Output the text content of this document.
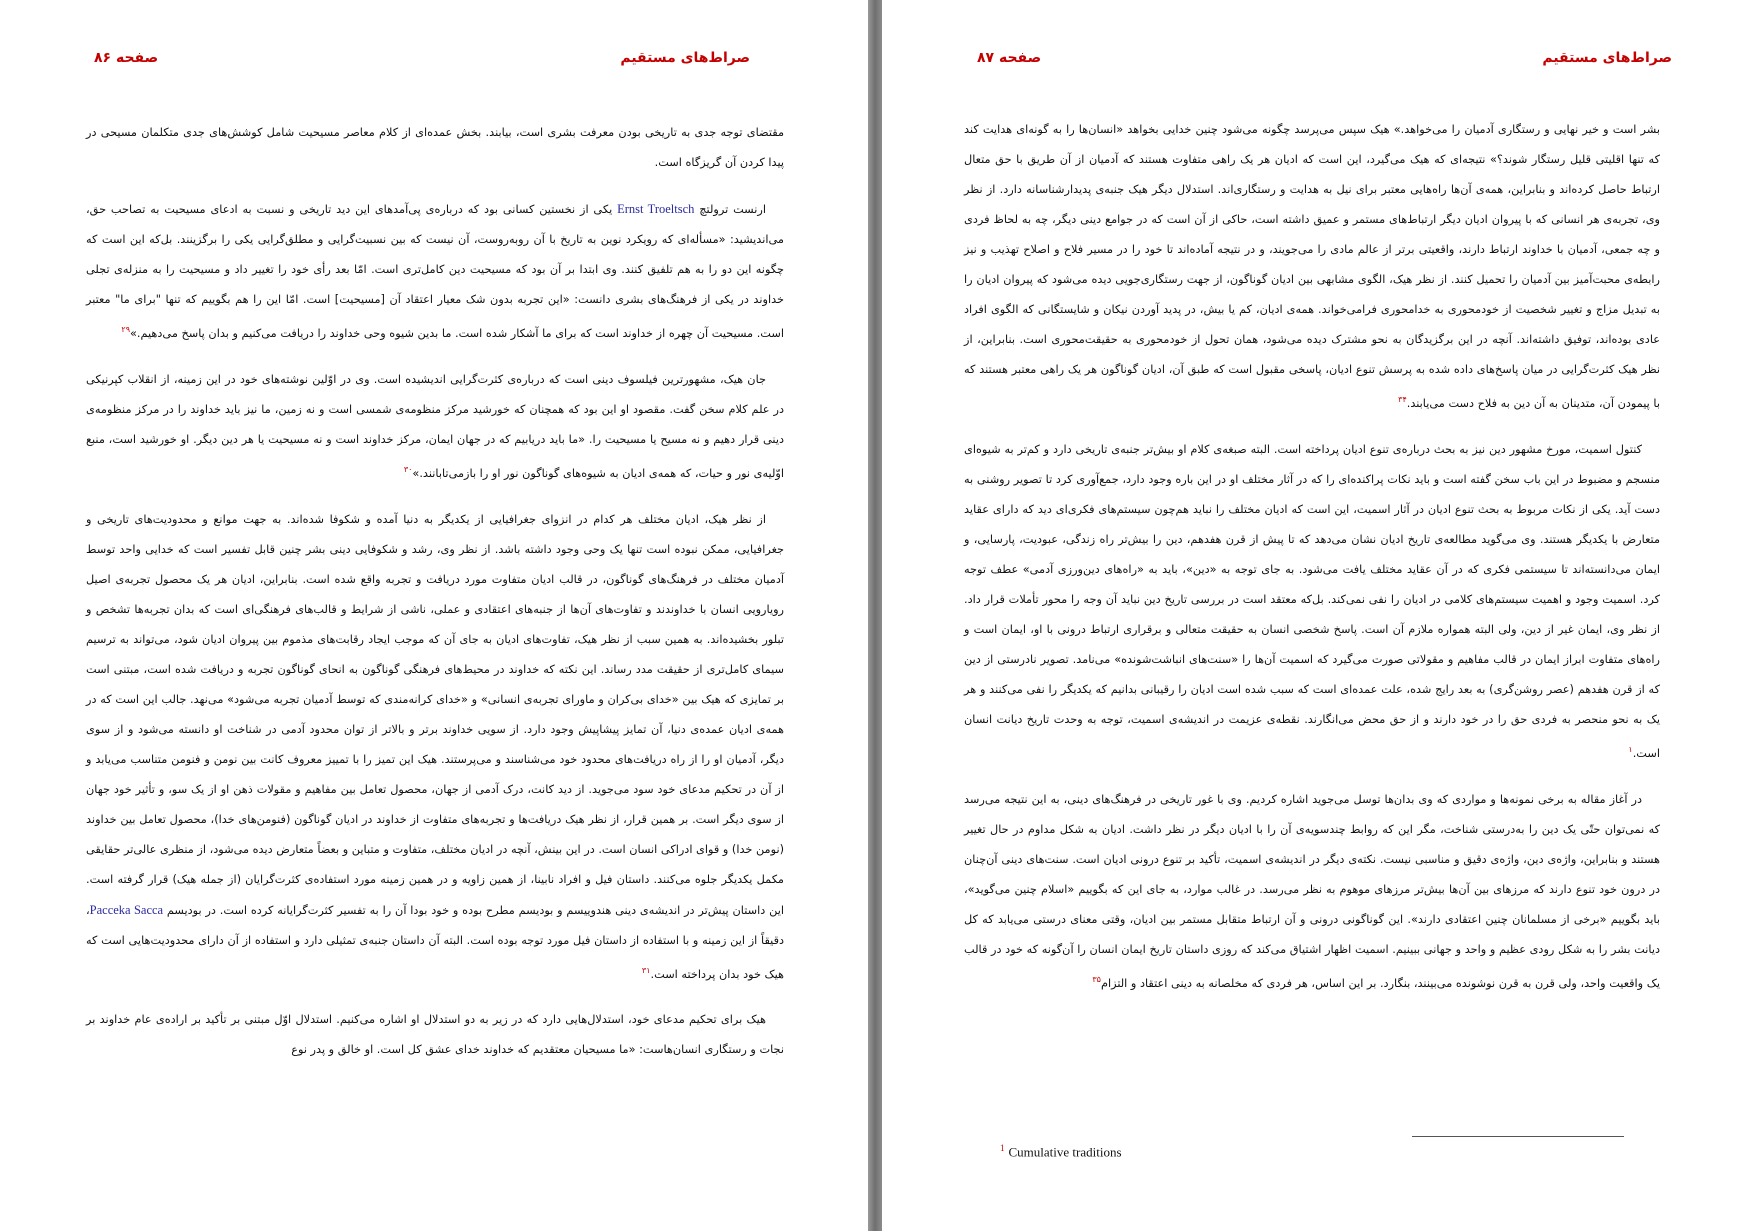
صراط‌های مستقیم
صفحه ۸۶

مقتضای توجه جدی به تاریخی بودن معرفت بشری است، بیابند. بخش عمده‌ای از کلام معاصر مسیحیت شامل کوشش‌های جدی متکلمان مسیحی در پیدا کردن آن گریزگاه است.

ارنست ترولتچ Ernst Troeltsch یکی از نخستین کسانی بود که درباره‌ی پی‌آمدهای این دید تاریخی و نسبت به ادعای مسیحیت به تصاحب حق، می‌اندیشید: «مسأله‌ای که رویکرد نوین به تاریخ با آن روبه‌روست، آن نیست که بین نسبیت‌گرایی و مطلق‌گرایی یکی را برگزینند. بل‌که این است که چگونه این دو را به هم تلفیق کنند. وی ابتدا بر آن بود که مسیحیت دین کامل‌تری است. امّا بعد رأی خود را تغییر داد و مسیحیت را به منزله‌ی تجلی خداوند در یکی از فرهنگ‌های بشری دانست: «این تجربه بدون شک معیار اعتقاد آن [مسیحیت] است. امّا این را هم بگوییم که تنها "برای ما" معتبر است. مسیحیت آن چهره از خداوند است که برای ما آشکار شده است. ما بدین شیوه وحی خداوند را دریافت می‌کنیم و بدان پاسخ می‌دهیم.»$^{۲۹}$

جان هیک، مشهورترین فیلسوف دینی است که درباره‌ی کثرت‌گرایی اندیشیده است. وی در اوّلین نوشته‌های خود در این زمینه، از انقلاب کپرنیکی در علم کلام سخن گفت. مقصود او این بود که همچنان که خورشید مرکز منظومه‌ی شمسی است و نه زمین، ما نیز باید خداوند را در مرکز منظومه‌ی دینی قرار دهیم و نه مسیح یا مسیحیت را. «ما باید دریابیم که در جهان ایمان، مرکز خداوند است و نه مسیحیت یا هر دین دیگر. او خورشید است، منبع اوّلیه‌ی نور و حیات، که همه‌ی ادیان به شیوه‌های گوناگون نور او را بازمی‌تابانند.»$^{۳۰}$

از نظر هیک، ادیان مختلف هر کدام در انزوای جغرافیایی از یکدیگر به دنیا آمده و شکوفا شده‌اند. به جهت موانع و محدودیت‌های تاریخی و جغرافیایی، ممکن نبوده است تنها یک وحی وجود داشته باشد. از نظر وی، رشد و شکوفایی دینی بشر چنین قابل تفسیر است که خدایی واحد توسط آدمیان مختلف در فرهنگ‌های گوناگون، در قالب ادیان متفاوت مورد دریافت و تجربه واقع شده است. بنابراین، ادیان هر یک محصول تجربه‌ی اصیل رویارویی انسان با خداوندند و تفاوت‌های آن‌ها از جنبه‌های اعتقادی و عملی، ناشی از شرایط و قالب‌های فرهنگی‌ای است که بدان تجربه‌ها تشخص و تبلور بخشیده‌اند. به همین سبب از نظر هیک، تفاوت‌های ادیان به جای آن که موجب ایجاد رقابت‌های مذموم بین پیروان ادیان شود، می‌تواند به ترسیم سیمای کامل‌تری از حقیقت مدد رساند. این نکته که خداوند در محیط‌های فرهنگی گوناگون به انحای گوناگون تجربه و دریافت شده است، مبتنی است بر تمایزی که هیک بین «خدای بی‌کران و ماورای تجربه‌ی انسانی» و «خدای کرانه‌مندی که توسط آدمیان تجربه می‌شود» می‌نهد. جالب این است که در همه‌ی ادیان عمده‌ی دنیا، آن تمایز پیشاپیش وجود دارد. از سویی خداوند برتر و بالاتر از توان محدود آدمی در شناخت او دانسته می‌شود و از سوی دیگر، آدمیان او را از راه دریافت‌های محدود خود می‌شناسند و می‌پرستند. هیک این تمیز را با تمییز معروف کانت بین نومن و فنومن متناسب می‌یابد و از آن در تحکیم مدعای خود سود می‌جوید. از دید کانت، درک آدمی از جهان، محصول تعامل بین مفاهیم و مقولات ذهن او از یک سو، و تأثیر خود جهان از سوی دیگر است. بر همین قرار، از نظر هیک دریافت‌ها و تجربه‌های متفاوت از خداوند در ادیان گوناگون (فنومن‌های خدا)، محصول تعامل بین خداوند (نومن خدا) و قوای ادراکی انسان است. در این بینش، آنچه در ادیان مختلف، متفاوت و متباین و بعضاً متعارض دیده می‌شود، از منظری عالی‌تر حقایقی مکمل یکدیگر جلوه می‌کنند. داستان فیل و افراد نابینا، از همین زاویه و در همین زمینه مورد استفاده‌ی کثرت‌گرایان (از جمله هیک) قرار گرفته است. این داستان پیش‌تر در اندیشه‌ی دینی هندوییسم و بودیسم مطرح بوده و خود بودا آن را به تفسیر کثرت‌گرایانه کرده است. در بودیسم Pacceka Sacca، دقیقاً از این زمینه و با استفاده از داستان فیل مورد توجه بوده است. البته آن داستان جنبه‌ی تمثیلی دارد و استفاده از آن دارای محدودیت‌هایی است که هیک خود بدان پرداخته است.$^{۳۱}$

هیک برای تحکیم مدعای خود، استدلال‌هایی دارد که در زیر به دو استدلال او اشاره می‌کنیم. استدلال اوّل مبتنی بر تأکید بر اراده‌ی عام خداوند بر نجات و رستگاری انسان‌هاست: «ما مسیحیان معتقدیم که خداوند خدای عشق کل است. او خالق و پدر نوع

صراط‌های مستقیم
صفحه ۸۷

بشر است و خیر نهایی و رستگاری آدمیان را می‌خواهد.» هیک سپس می‌پرسد چگونه می‌شود چنین خدایی بخواهد «انسان‌ها را به گونه‌ای هدایت کند که تنها اقلیتی قلیل رستگار شوند؟» نتیجه‌ای که هیک می‌گیرد، این است که ادیان هر یک راهی متفاوت هستند که آدمیان از آن طریق با حق متعال ارتباط حاصل کرده‌اند و بنابراین، همه‌ی آن‌ها راه‌هایی معتبر برای نیل به هدایت و رستگاری‌اند. استدلال دیگر هیک جنبه‌ی پدیدارشناسانه دارد. از نظر وی، تجربه‌ی هر انسانی که با پیروان ادیان دیگر ارتباط‌های مستمر و عمیق داشته است، حاکی از آن است که در جوامع دینی دیگر، چه به لحاظ فردی و چه جمعی، آدمیان با خداوند ارتباط دارند، واقعیتی برتر از عالم مادی را می‌جویند، و در نتیجه آماده‌اند تا خود را در مسیر فلاح و اصلاح تهذیب و نیز رابطه‌ی محبت‌آمیز بین آدمیان را تحمیل کنند. از نظر هیک، الگوی مشابهی بین ادیان گوناگون، از جهت رستگاری‌جویی دیده می‌شود که پیروان ادیان را به تبدیل مزاج و تغییر شخصیت از خودمحوری به خدامحوری فرامی‌خواند. همه‌ی ادیان، کم یا بیش، در پدید آوردن نیکان و شایستگانی که الگوی افراد عادی بوده‌اند، توفیق داشته‌اند. آنچه در این برگزیدگان به نحو مشترک دیده می‌شود، همان تحول از خودمحوری به حقیقت‌محوری است. بنابراین، از نظر هیک کثرت‌گرایی در میان پاسخ‌های داده شده به پرسش تنوع ادیان، پاسخی مقبول است که طبق آن، ادیان گوناگون هر یک راهی معتبر هستند که با پیمودن آن، متدینان به آن دین به فلاح دست می‌یابند.$^{۳۴}$

کنتول اسمیت، مورخ مشهور دین نیز به بحث درباره‌ی تنوع ادیان پرداخته است. البته صبغه‌ی کلام او بیش‌تر جنبه‌ی تاریخی دارد و کم‌تر به شیوه‌ای منسجم و مضبوط در این باب سخن گفته است و باید نکات پراکنده‌ای را که در آثار مختلف او در این باره وجود دارد، جمع‌آوری کرد تا تصویر روشنی به دست آید. یکی از نکات مربوط به بحث تنوع ادیان در آثار اسمیت، این است که ادیان مختلف را نباید هم‌چون سیستم‌های فکری‌ای دید که دارای عقاید متعارض با یکدیگر هستند. وی می‌گوید مطالعه‌ی تاریخ ادیان نشان می‌دهد که تا پیش از قرن هفدهم، دین را بیش‌تر راه زندگی، عبودیت، پارسایی، و ایمان می‌دانسته‌اند تا سیستمی فکری که در آن عقاید مختلف یافت می‌شود. به جای توجه به «دین»، باید به «راه‌های دین‌ورزی آدمی» عطف توجه کرد. اسمیت وجود و اهمیت سیستم‌های کلامی در ادیان را نفی نمی‌کند. بل‌که معتقد است در بررسی تاریخ دین نباید آن وجه را محور تأملات قرار داد. از نظر وی، ایمان غیر از دین، ولی البته همواره ملازم آن است. پاسخ شخصی انسان به حقیقت متعالی و برقراری ارتباط درونی با او، ایمان است و راه‌های متفاوت ابراز ایمان در قالب مفاهیم و مقولاتی صورت می‌گیرد که اسمیت آن‌ها را «سنت‌های انباشت‌شونده» می‌نامد. تصویر نادرستی از دین که از قرن هفدهم (عصر روشن‌گری) به بعد رایج شده، علت عمده‌ای است که سبب شده است ادیان را رقیبانی بدانیم که یکدیگر را نفی می‌کنند و هر یک به نحو منحصر به فردی حق را در خود دارند و از حق محض می‌انگارند. نقطه‌ی عزیمت در اندیشه‌ی اسمیت، توجه به وحدت تاریخ دیانت انسان است.$^۱$

در آغاز مقاله به برخی نمونه‌ها و مواردی که وی بدان‌ها توسل می‌جوید اشاره کردیم. وی با غور تاریخی در فرهنگ‌های دینی، به این نتیجه می‌رسد که نمی‌توان حتّی یک دین را به‌درستی شناخت، مگر این که روابط چندسویه‌ی آن را با ادیان دیگر در نظر داشت. ادیان به شکل مداوم در حال تغییر هستند و بنابراین، واژه‌ی دین، واژه‌ی دقیق و مناسبی نیست. نکته‌ی دیگر در اندیشه‌ی اسمیت، تأکید بر تنوع درونی ادیان است. سنت‌های دینی آن‌چنان در درون خود تنوع دارند که مرزهای بین آن‌ها بیش‌تر مرزهای موهوم به نظر می‌رسد. در غالب موارد، به جای این که بگوییم «اسلام چنین می‌گوید»، باید بگوییم «برخی از مسلمانان چنین اعتقادی دارند». این گوناگونی درونی و آن ارتباط متقابل مستمر بین ادیان، وقتی معنای درستی می‌یابد که کل دیانت بشر را به شکل رودی عظیم و واحد و جهانی ببینیم. اسمیت اظهار اشتیاق می‌کند که روزی داستان تاریخ ایمان انسان را آن‌گونه که خود در قالب یک واقعیت واحد، ولی قرن به قرن نوشونده می‌بینند، بنگارد. بر این اساس، هر فردی که مخلصانه به دینی اعتقاد و التزام$^{۳۵}$

$^1$ Cumulative traditions
